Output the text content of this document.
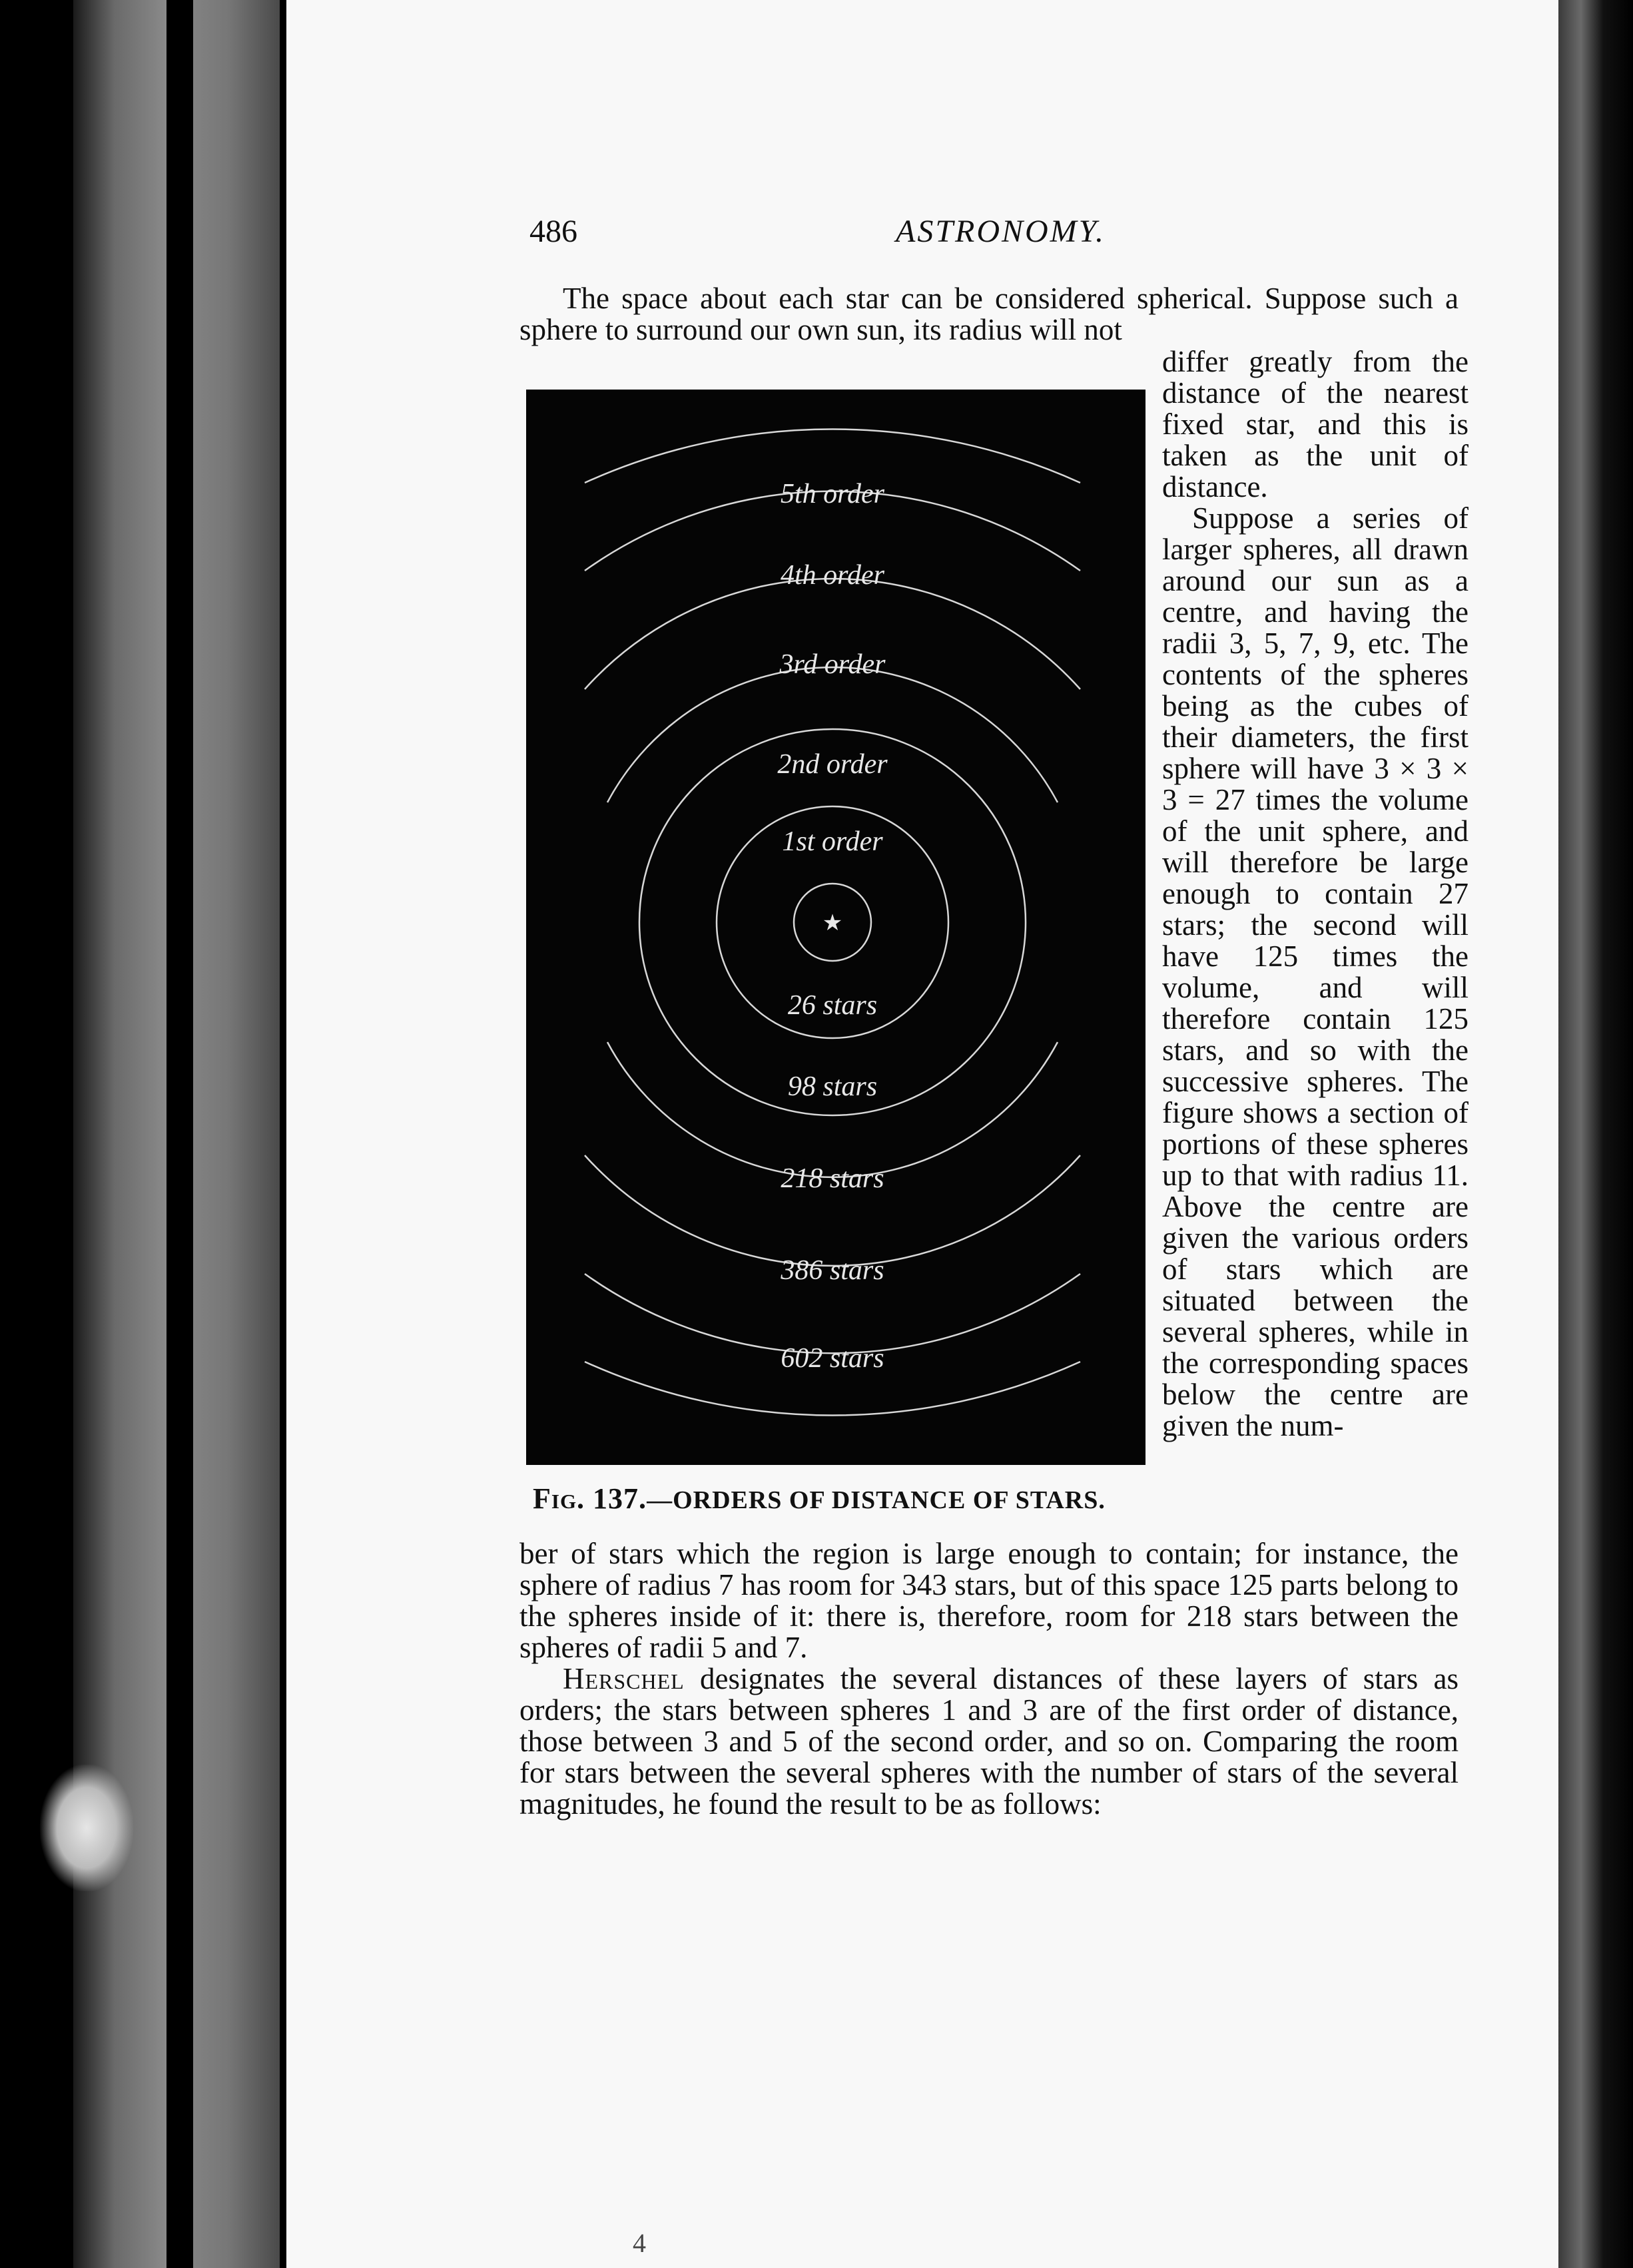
486	ASTRONOMY.
The space about each star can be considered spherical. Suppose such a sphere to surround our own sun, its radius will not

differ greatly from the distance of the nearest fixed star, and this is taken as the unit of distance.

Suppose a series of larger spheres, all drawn around our sun as a centre, and having the radii 3, 5, 7, 9, etc. The contents of the spheres being as the cubes of their diameters, the first sphere will have 3 × 3 × 3 = 27 times the volume of the unit sphere, and will therefore be large enough to contain 27 stars; the second will have 125 times the volume, and will therefore contain 125 stars, and so with the successive spheres. The figure shows a section of portions of these spheres up to that with radius 11. Above the centre are given the various orders of stars which are situated between the several spheres, while in the corresponding spaces below the centre are given the num-

★
1st order
2nd order
3rd order
4th order
5th order
26 stars
98 stars
218 stars
386 stars
602 stars
Fig. 137.—ORDERS OF DISTANCE OF STARS.

ber of stars which the region is large enough to contain; for instance, the sphere of radius 7 has room for 343 stars, but of this space 125 parts belong to the spheres inside of it: there is, therefore, room for 218 stars between the spheres of radii 5 and 7.

Herschel designates the several distances of these layers of stars as orders; the stars between spheres 1 and 3 are of the first order of distance, those between 3 and 5 of the second order, and so on. Comparing the room for stars between the several spheres with the number of stars of the several magnitudes, he found the result to be as follows:

4
